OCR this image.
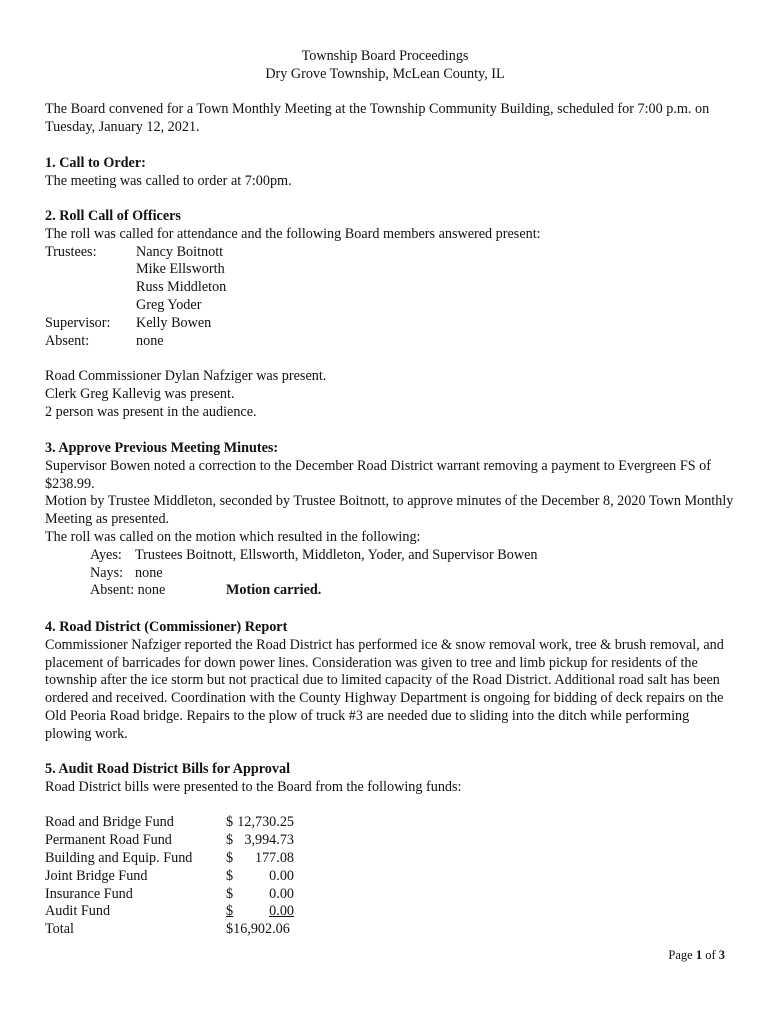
Township Board Proceedings

Dry Grove Township, McLean County, IL

The Board convened for a Town Monthly Meeting at the Township Community Building, scheduled for 7:00 p.m. on Tuesday, January 12, 2021.

1. Call to Order:

The meeting was called to order at 7:00pm.

2. Roll Call of Officers

The roll was called for attendance and the following Board members answered present:

Trustees:	Nancy Boitnott

Mike Ellsworth

Russ Middleton

Greg Yoder

Supervisor:	Kelly Bowen
Absent:	none

Road Commissioner Dylan Nafziger was present.

Clerk Greg Kallevig was present.

2 person was present in the audience.

3. Approve Previous Meeting Minutes:

Supervisor Bowen noted a correction to the December Road District warrant removing a payment to Evergreen FS of $238.99.

Motion by Trustee Middleton, seconded by Trustee Boitnott, to approve minutes of the December 8, 2020 Town Monthly Meeting as presented.

The roll was called on the motion which resulted in the following:

Ayes: Trustees Boitnott, Ellsworth, Middleton, Yoder, and Supervisor Bowen
Nays: none
Absent: none	Motion carried.

4. Road District (Commissioner) Report

Commissioner Nafziger reported the Road District has performed ice & snow removal work, tree & brush removal, and placement of barricades for down power lines. Consideration was given to tree and limb pickup for residents of the township after the ice storm but not practical due to limited capacity of the Road District. Additional road salt has been ordered and received. Coordination with the County Highway Department is ongoing for bidding of deck repairs on the Old Peoria Road bridge. Repairs to the plow of truck #3 are needed due to sliding into the ditch while performing plowing work.

5. Audit Road District Bills for Approval

Road District bills were presented to the Board from the following funds:

Road and Bridge Fund	$	12,730.25
Permanent Road Fund	$	3,994.73
Building and Equip. Fund	$	177.08
Joint Bridge Fund	$	0.00
Insurance Fund	$	0.00
Audit Fund	$	0.00
Total	$16,902.06	
Page 1 of 3
